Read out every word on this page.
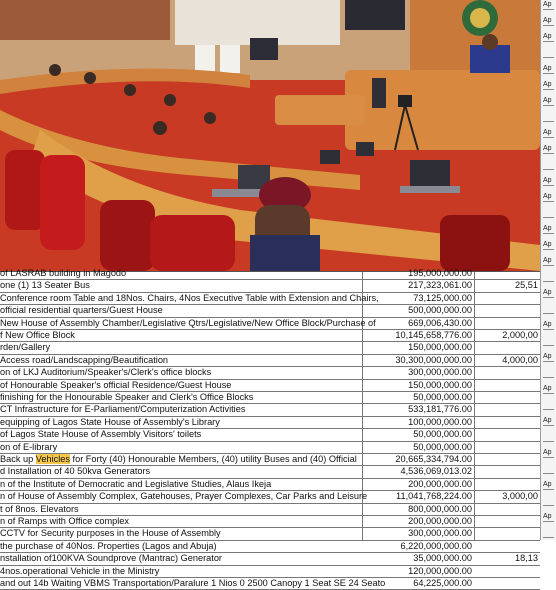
Ap
Ap
Ap
Ap
Ap
Ap
Ap
Ap
Ap
Ap
Ap
Ap
Ap
Ap
Ap
Ap
Ap
Ap
Ap
Ap
Ap
of LASRAB building in Magodo	195,000,000.00
one (1) 13 Seater Bus	217,323,061.00	25,51
Conference room Table and 18Nos. Chairs, 4Nos Executive Table with Extension and Chairs,	73,125,000.00
official residential quarters/Guest House	500,000,000.00
New House of Assembly Chamber/Legislative Qtrs/Legislative/New Office Block/Purchase of	669,006,430.00
f New Office Block	10,145,658,776.00	2,000,00
rden/Gallery	150,000,000.00
Access road/Landscapping/Beautification	30,300,000,000.00	4,000,00
on of LKJ Auditorium/Speaker's/Clerk's office blocks	300,000,000.00
of Honourable Speaker's official Residence/Guest House	150,000,000.00
finishing for the Honourable Speaker and Clerk's Office Blocks	50,000,000.00
CT Infrastructure for E-Parliament/Computerization Activities	533,181,776.00
equipping of Lagos State House of Assembly's Library	100,000,000.00
of Lagos State House of Assembly Visitors' toilets	50,000,000.00
on of E-library	50,000,000.00
Back up Vehicles for Forty (40) Honourable Members, (40) utility Buses and (40) Official	20,665,334,794.00
d Installation of 40 50kva Generators	4,536,069,013.02
n of the Institute of Democratic and Legislative Studies, Alaus Ikeja	200,000,000.00
n of House of Assembly Complex, Gatehouses, Prayer Complexes, Car Parks and Leisure	11,041,768,224.00	3,000,00
t of 8nos. Elevators	800,000,000.00
n of Ramps with Office complex	200,000,000.00
CCTV for Security purposes in the House of Assembly	300,000,000.00
the purchase of 40Nos. Properties (Lagos and Abuja)	6,220,000,000.00
nstallation of100KVA Soundprove (Mantrac) Generator	35,000,000.00	18,13
4nos.operational Vehicle in the Ministry	120,000,000.00
and out 14b Waiting VBMS Transportation/Paralure 1 Nios 0 2500 Canopy 1 Seat SE 24 Seato	64,225,000.00
